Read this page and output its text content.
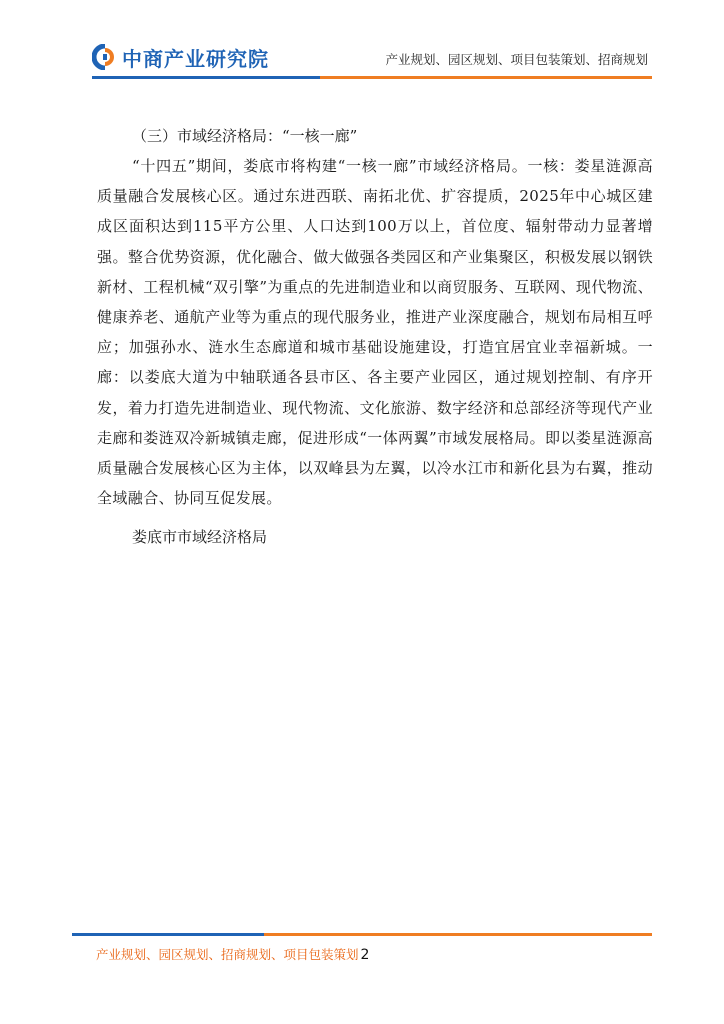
中商产业研究院	产业规划、园区规划、项目包装策划、招商规划

（三）市域经济格局：“一核一廊”

“十四五”期间，娄底市将构建“一核一廊”市域经济格局。一核：娄星涟源高质量融合发展核心区。通过东进西联、南拓北优、扩容提质，2025年中心城区建成区面积达到115平方公里、人口达到100万以上，首位度、辐射带动力显著增强。整合优势资源，优化融合、做大做强各类园区和产业集聚区，积极发展以钢铁新材、工程机械“双引擎”为重点的先进制造业和以商贸服务、互联网、现代物流、健康养老、通航产业等为重点的现代服务业，推进产业深度融合，规划布局相互呼应；加强孙水、涟水生态廊道和城市基础设施建设，打造宜居宜业幸福新城。一廊：以娄底大道为中轴联通各县市区、各主要产业园区，通过规划控制、有序开发，着力打造先进制造业、现代物流、文化旅游、数字经济和总部经济等现代产业走廊和娄涟双冷新城镇走廊，促进形成“一体两翼”市域发展格局。即以娄星涟源高质量融合发展核心区为主体，以双峰县为左翼，以冷水江市和新化县为右翼，推动全域融合、协同互促发展。

娄底市市域经济格局

产业规划、园区规划、招商规划、项目包装策划 2
